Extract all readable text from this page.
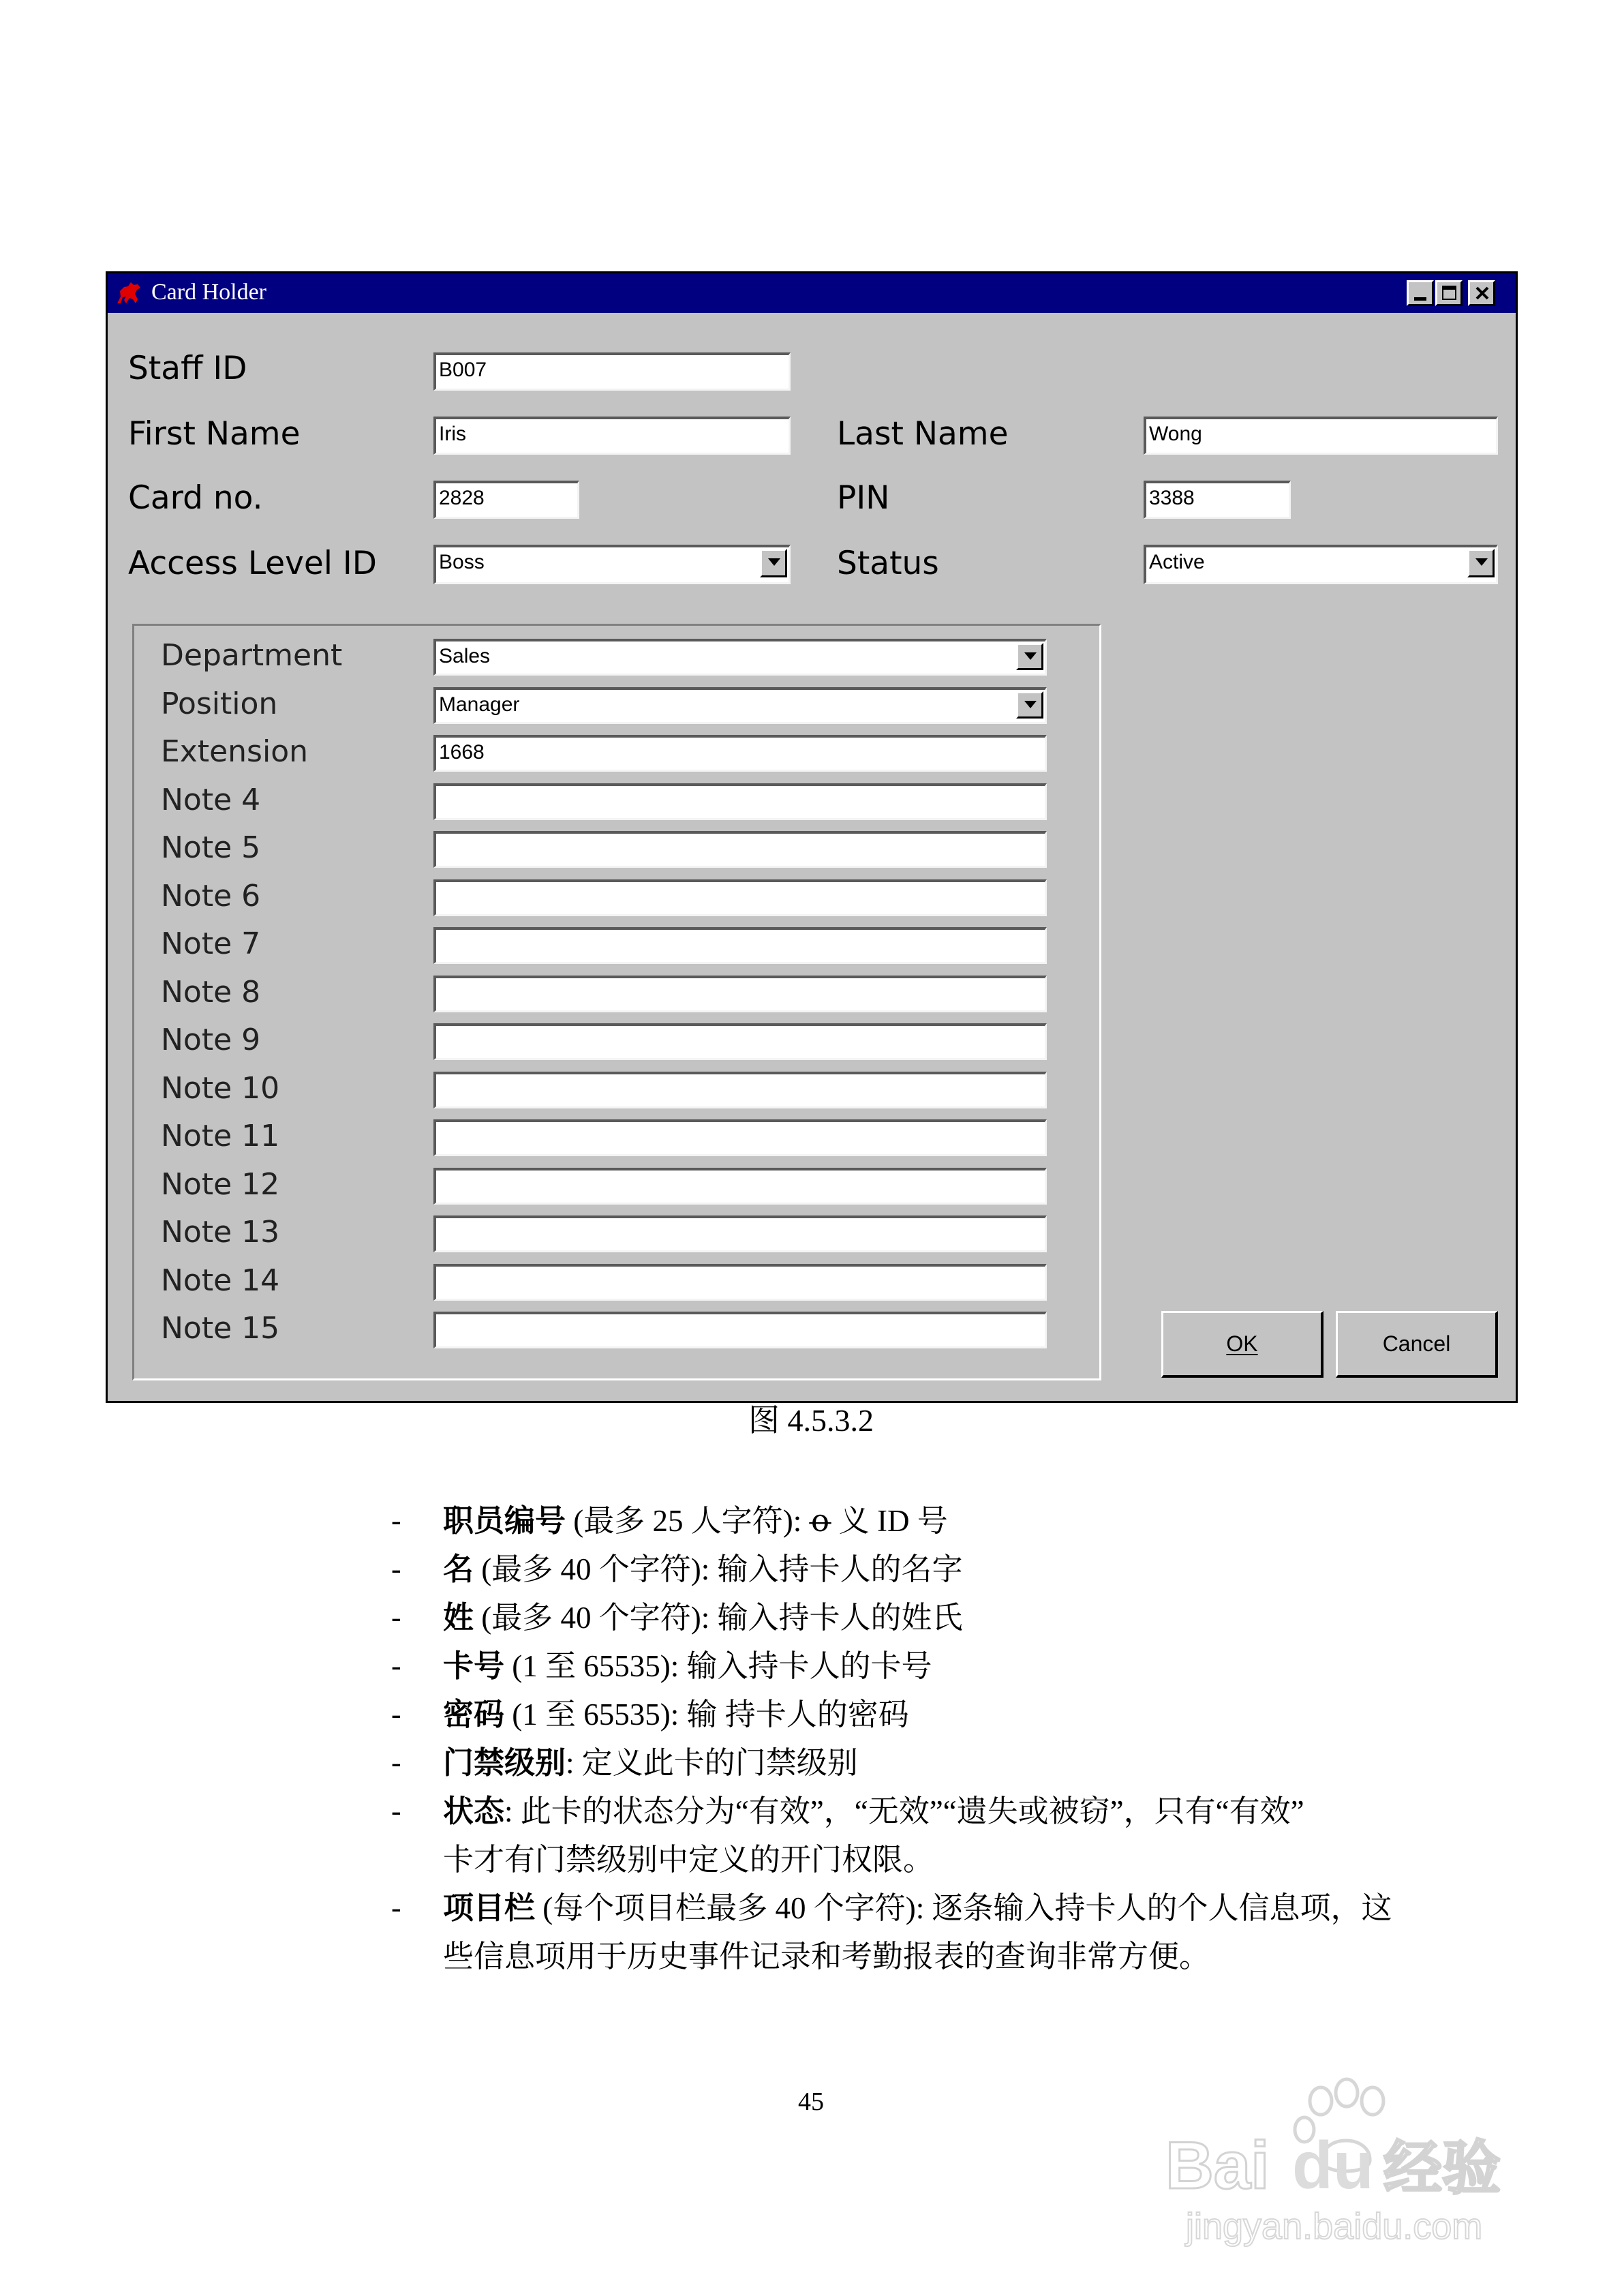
Card Holder
Staff ID	B007
First Name	Iris	Last Name	Wong
Card no.	2828	PIN	3388
Access Level ID	Boss	Status	Active
OK	Cancel
Department	Sales
Position	Manager
Extension	1668
Note 4
Note 5
Note 6
Note 7
Note 8
Note 9
Note 10
Note 11
Note 12
Note 13
Note 14
Note 15
图 4.5.3.2
45
Bai du 经验
jingyan.baidu.com
- 职员编号 (最多 25 人字符): ꝋ 义 ID 号
- 名 (最多 40 个字符): 输入持卡人的名字
- 姓 (最多 40 个字符): 输入持卡人的姓氏
- 卡号 (1 至 65535): 输入持卡人的卡号
- 密码 (1 至 65535): 输 持卡人的密码
- 门禁级别: 定义此卡的门禁级别
- 状态: 此卡的状态分为“有效”，“无效”“遗失或被窃”，只有“有效”
卡才有门禁级别中定义的开门权限。
- 项目栏 (每个项目栏最多 40 个字符): 逐条输入持卡人的个人信息项，这
些信息项用于历史事件记录和考勤报表的查询非常方便。
